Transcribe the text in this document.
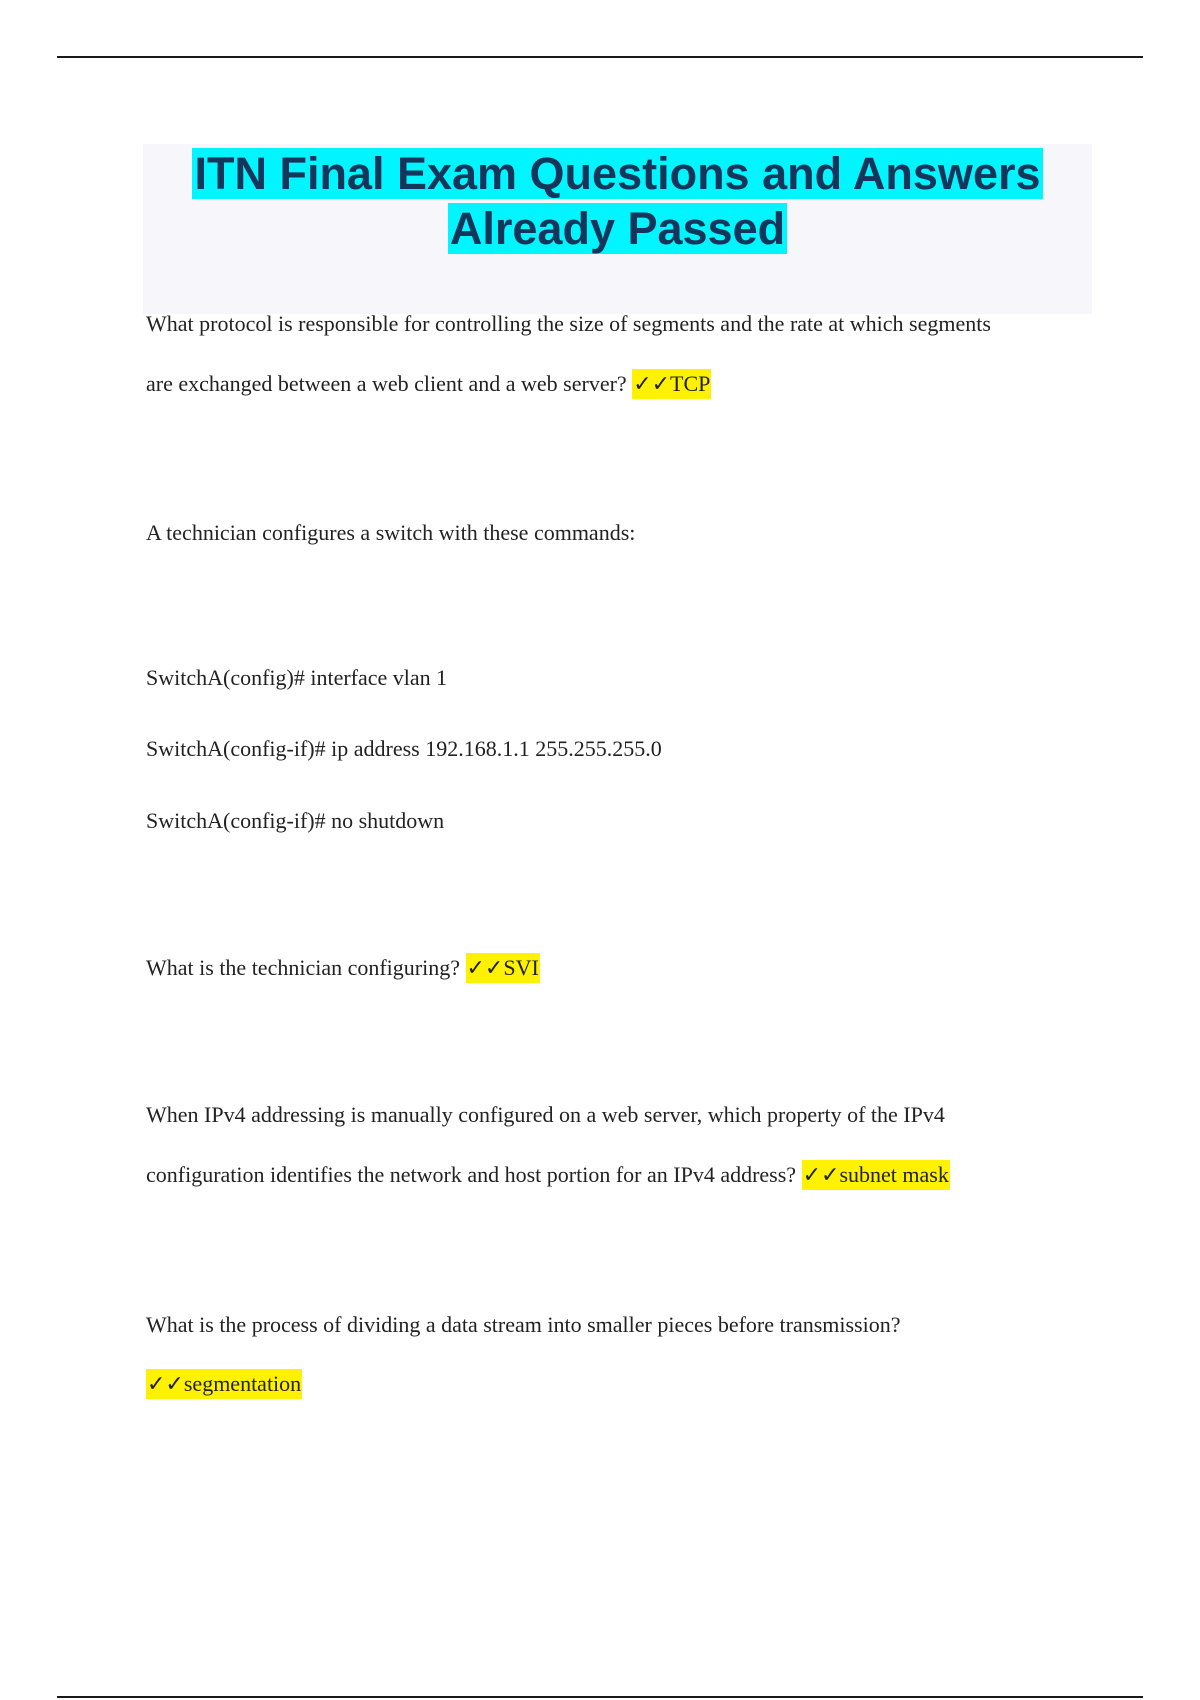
ITN Final Exam Questions and Answers
Already Passed

What protocol is responsible for controlling the size of segments and the rate at which segments

are exchanged between a web client and a web server? ✓✓TCP

A technician configures a switch with these commands:

SwitchA(config)# interface vlan 1

SwitchA(config-if)# ip address 192.168.1.1 255.255.255.0

SwitchA(config-if)# no shutdown

What is the technician configuring? ✓✓SVI

When IPv4 addressing is manually configured on a web server, which property of the IPv4

configuration identifies the network and host portion for an IPv4 address? ✓✓subnet mask

What is the process of dividing a data stream into smaller pieces before transmission?

✓✓segmentation
